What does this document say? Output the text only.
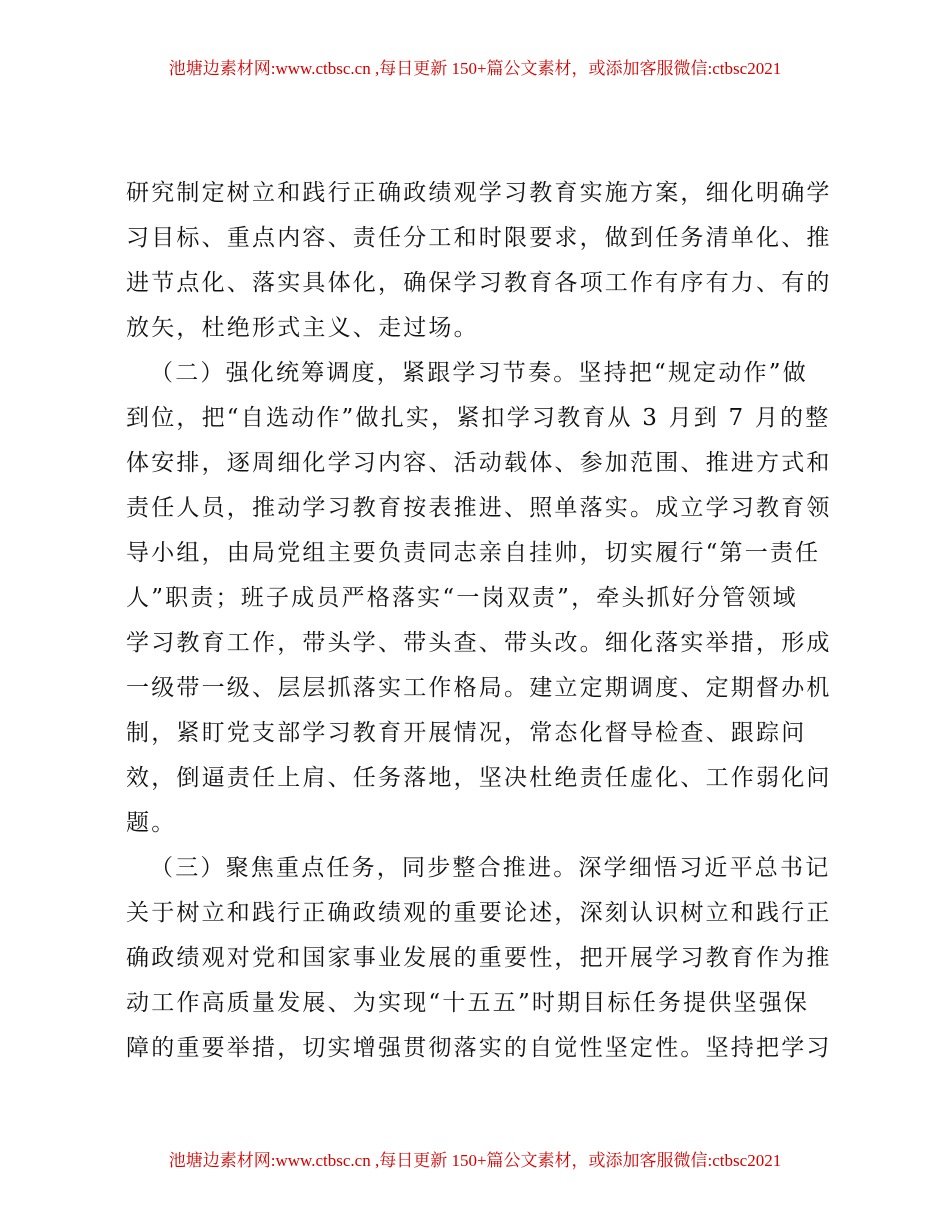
池塘边素材网:www.ctbsc.cn ,每日更新 150+篇公文素材，或添加客服微信:ctbsc2021
研究制定树立和践行正确政绩观学习教育实施方案，细化明确学
习目标、重点内容、责任分工和时限要求，做到任务清单化、推
进节点化、落实具体化，确保学习教育各项工作有序有力、有的
放矢，杜绝形式主义、走过场。
（二）强化统筹调度，紧跟学习节奏。坚持把“规定动作”做
到位，把“自选动作”做扎实，紧扣学习教育从 3 月到 7 月的整
体安排，逐周细化学习内容、活动载体、参加范围、推进方式和
责任人员，推动学习教育按表推进、照单落实。成立学习教育领
导小组，由局党组主要负责同志亲自挂帅，切实履行“第一责任
人”职责；班子成员严格落实“一岗双责”，牵头抓好分管领域
学习教育工作，带头学、带头查、带头改。细化落实举措，形成
一级带一级、层层抓落实工作格局。建立定期调度、定期督办机
制，紧盯党支部学习教育开展情况，常态化督导检查、跟踪问
效，倒逼责任上肩、任务落地，坚决杜绝责任虚化、工作弱化问
题。
（三）聚焦重点任务，同步整合推进。深学细悟习近平总书记
关于树立和践行正确政绩观的重要论述，深刻认识树立和践行正
确政绩观对党和国家事业发展的重要性，把开展学习教育作为推
动工作高质量发展、为实现“十五五”时期目标任务提供坚强保
障的重要举措，切实增强贯彻落实的自觉性坚定性。坚持把学习
池塘边素材网:www.ctbsc.cn ,每日更新 150+篇公文素材，或添加客服微信:ctbsc2021
